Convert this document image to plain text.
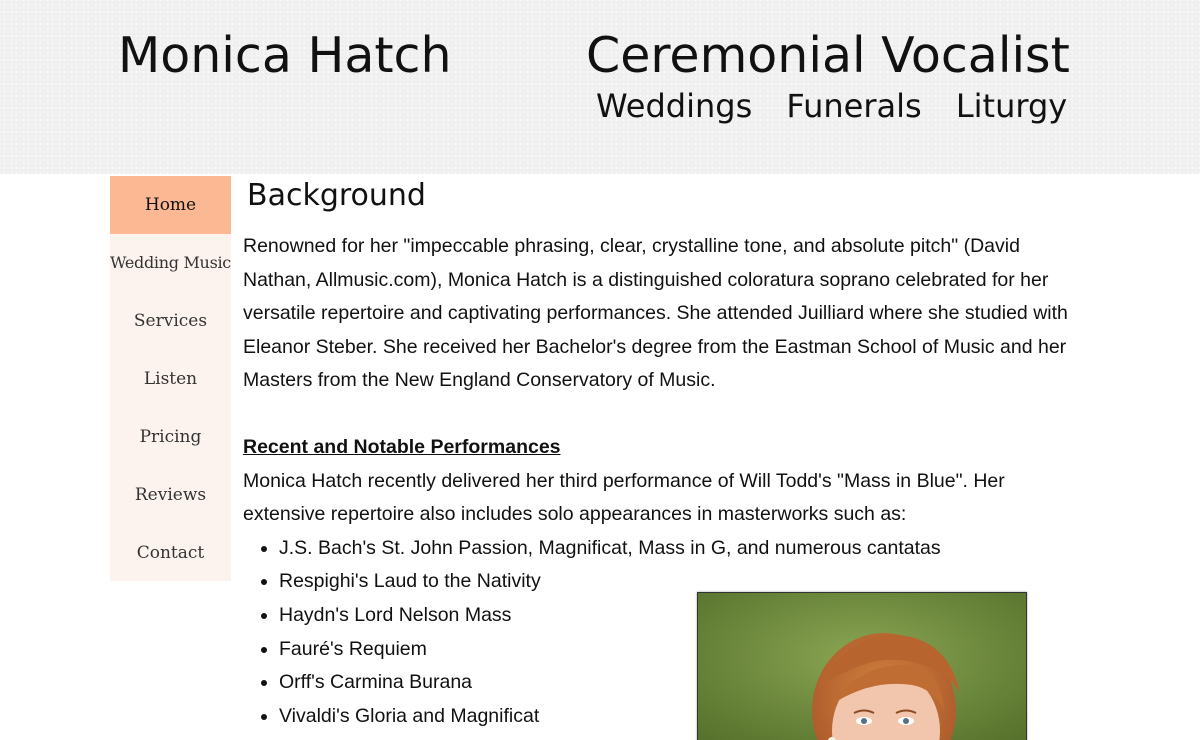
Monica Hatch	Ceremonial Vocalist
Weddings Funerals Liturgy
Home
Wedding Music
Services
Listen
Pricing
Reviews
Contact
Background

Renowned for her "impeccable phrasing, clear, crystalline tone, and absolute pitch" (David Nathan, Allmusic.com), Monica Hatch is a distinguished coloratura soprano celebrated for her versatile repertoire and captivating performances. She attended Juilliard where she studied with Eleanor Steber. She received her Bachelor's degree from the Eastman School of Music and her Masters from the New England Conservatory of Music.

Recent and Notable Performances

Monica Hatch recently delivered her third performance of Will Todd's "Mass in Blue". Her extensive repertoire also includes solo appearances in masterworks such as:

• J.S. Bach's St. John Passion, Magnificat, Mass in G, and numerous cantatas
• Respighi's Laud to the Nativity
• Haydn's Lord Nelson Mass
• Fauré's Requiem
• Orff's Carmina Burana
• Vivaldi's Gloria and Magnificat
